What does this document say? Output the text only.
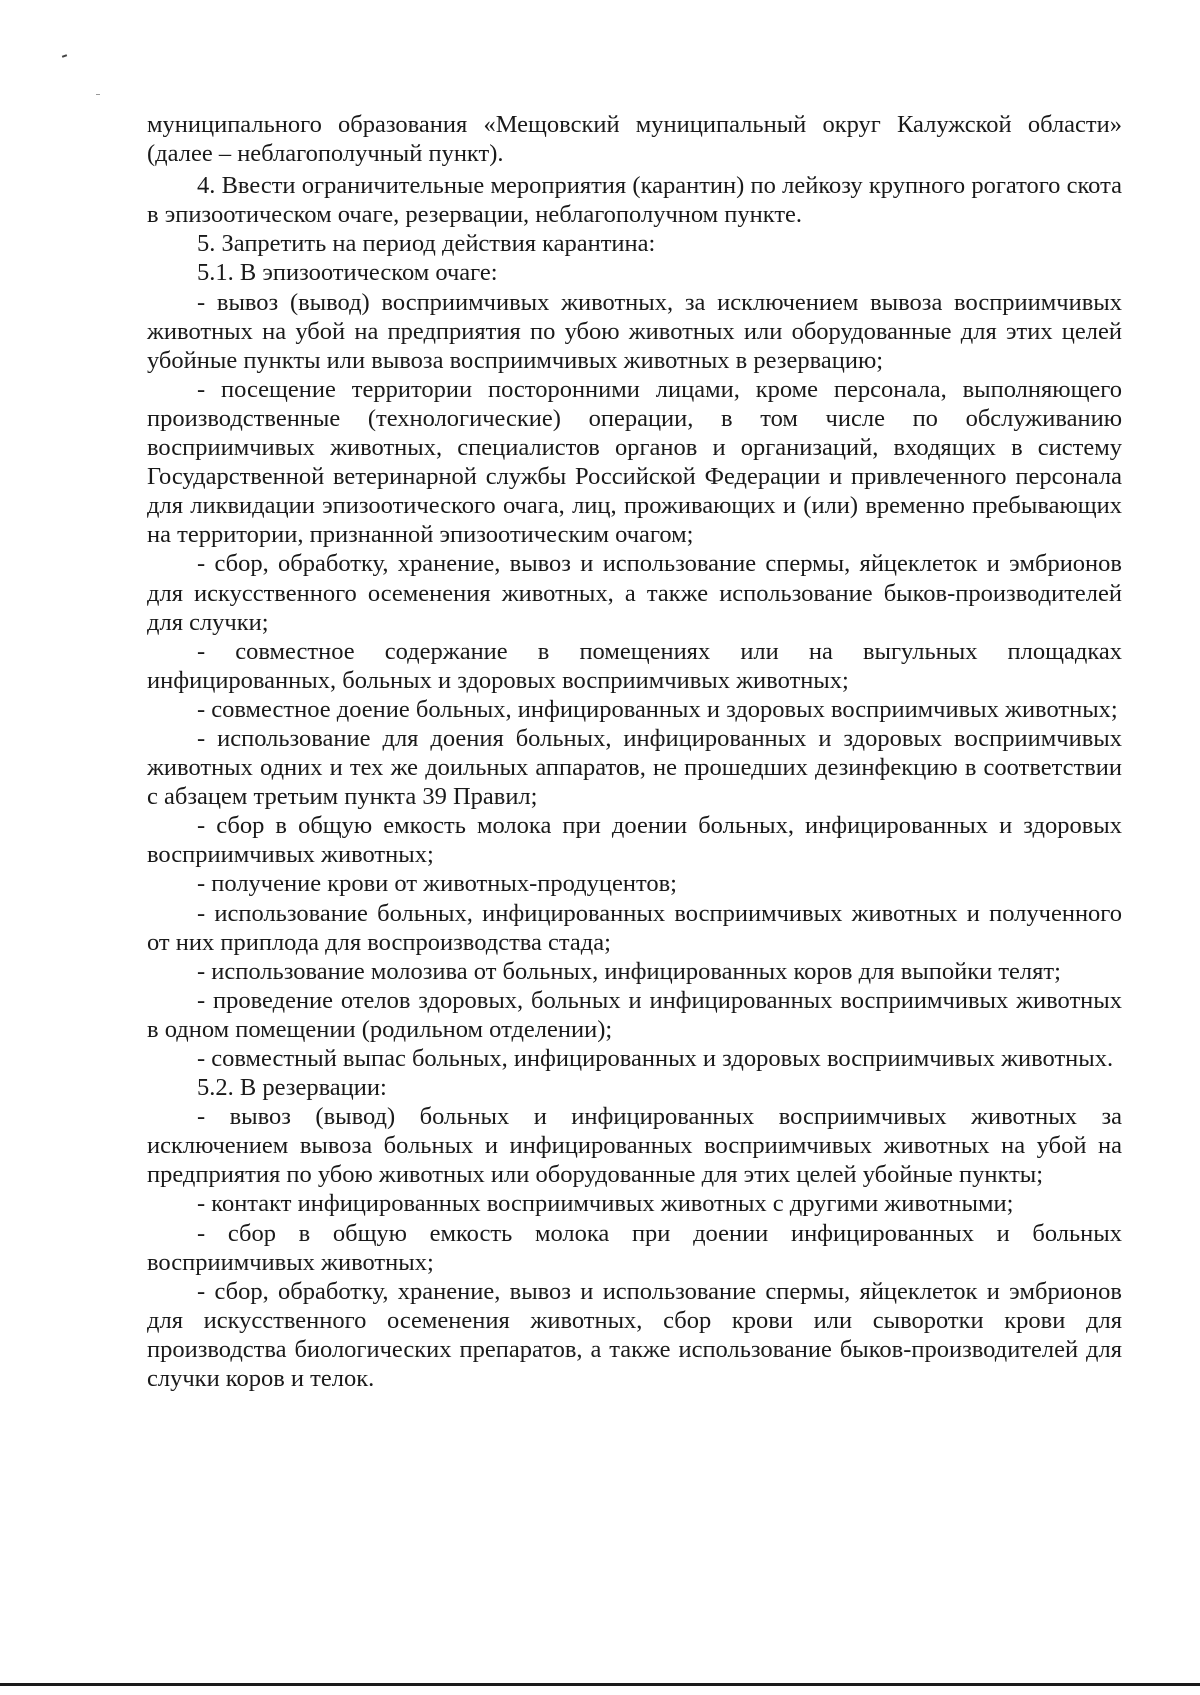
муниципального образования «Мещовский муниципальный округ Калужской области» (далее – неблагополучный пункт).

4. Ввести ограничительные мероприятия (карантин) по лейкозу крупного рогатого скота в эпизоотическом очаге, резервации, неблагополучном пункте.

5. Запретить на период действия карантина:

5.1. В эпизоотическом очаге:

- вывоз (вывод) восприимчивых животных, за исключением вывоза восприимчивых животных на убой на предприятия по убою животных или оборудованные для этих целей убойные пункты или вывоза восприимчивых животных в резервацию;

- посещение территории посторонними лицами, кроме персонала, выполняющего производственные (технологические) операции, в том числе по обслуживанию восприимчивых животных, специалистов органов и организаций, входящих в систему Государственной ветеринарной службы Российской Федерации и привлеченного персонала для ликвидации эпизоотического очага, лиц, проживающих и (или) временно пребывающих на территории, признанной эпизоотическим очагом;

- сбор, обработку, хранение, вывоз и использование спермы, яйцеклеток и эмбрионов для искусственного осеменения животных, а также использование быков-производителей для случки;

- совместное содержание в помещениях или на выгульных площадках инфицированных, больных и здоровых восприимчивых животных;

- совместное доение больных, инфицированных и здоровых восприимчивых животных;

- использование для доения больных, инфицированных и здоровых восприимчивых животных одних и тех же доильных аппаратов, не прошедших дезинфекцию в соответствии с абзацем третьим пункта 39 Правил;

- сбор в общую емкость молока при доении больных, инфицированных и здоровых восприимчивых животных;

- получение крови от животных-продуцентов;

- использование больных, инфицированных восприимчивых животных и полученного от них приплода для воспроизводства стада;

- использование молозива от больных, инфицированных коров для выпойки телят;

- проведение отелов здоровых, больных и инфицированных восприимчивых животных в одном помещении (родильном отделении);

- совместный выпас больных, инфицированных и здоровых восприимчивых животных.

5.2. В резервации:

- вывоз (вывод) больных и инфицированных восприимчивых животных за исключением вывоза больных и инфицированных восприимчивых животных на убой на предприятия по убою животных или оборудованные для этих целей убойные пункты;

- контакт инфицированных восприимчивых животных с другими животными;

- сбор в общую емкость молока при доении инфицированных и больных восприимчивых животных;

- сбор, обработку, хранение, вывоз и использование спермы, яйцеклеток и эмбрионов для искусственного осеменения животных, сбор крови или сыворотки крови для производства биологических препаратов, а также использование быков-производителей для случки коров и телок.
